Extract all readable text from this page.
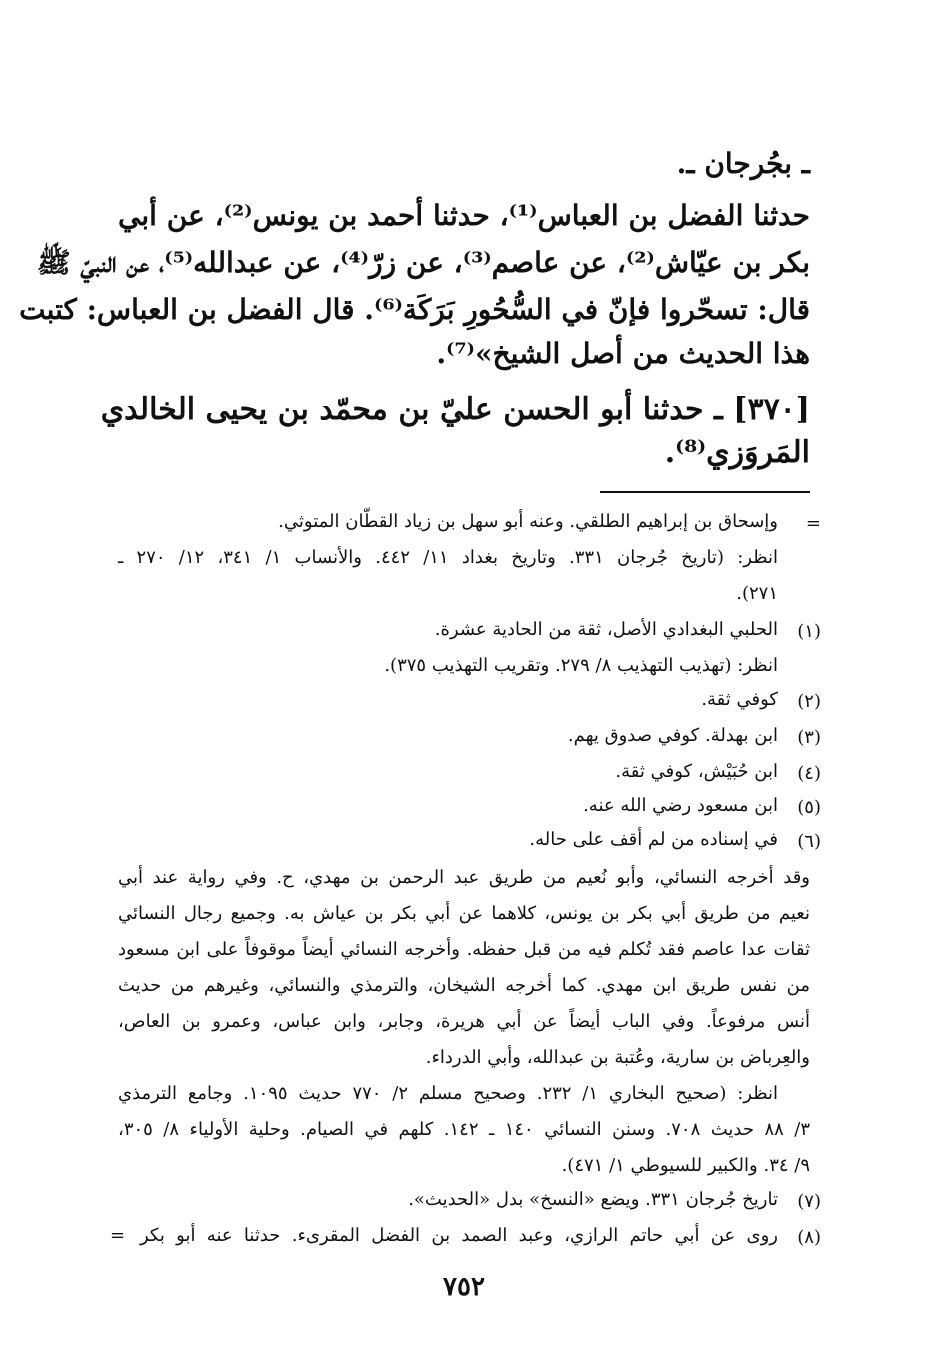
ـ بجُرجان ـ.
حدثنا الفضل بن العباس⁽¹⁾، حدثنا أحمد بن يونس⁽²⁾، عن أبي
بكر بن عيّاش⁽²⁾، عن عاصم⁽³⁾، عن زرّ⁽⁴⁾، عن عبدالله⁽⁵⁾، عن النبيّ ﷺ
قال: تسحّروا فإنّ في السُّحُورِ بَرَكَة⁽⁶⁾. قال الفضل بن العباس: كتبت
هذا الحديث من أصل الشيخ»⁽⁷⁾.
[٣٧٠] ـ حدثنا أبو الحسن عليّ بن محمّد بن يحيى الخالدي
المَروَزي⁽⁸⁾.
=
وإسحاق بن إبراهيم الطلقي. وعنه أبو سهل بن زياد القطّان المتوثي.
انظر: (تاريخ جُرجان ٣٣١. وتاريخ بغداد ١١/ ٤٤٢. والأنساب ١/ ٣٤١، ١٢/ ٢٧٠ ـ
٢٧١).
(١)
الحلبي البغدادي الأصل، ثقة من الحادية عشرة.
انظر: (تهذيب التهذيب ٨/ ٢٧٩. وتقريب التهذيب ٣٧٥).
(٢)
كوفي ثقة.
(٣)
ابن بهدلة. كوفي صدوق يهم.
(٤)
ابن حُبَيْش، كوفي ثقة.
(٥)
ابن مسعود رضي الله عنه.
(٦)
في إسناده من لم أقف على حاله.
وقد أخرجه النسائي، وأبو نُعيم من طريق عبد الرحمن بن مهدي، ح. وفي رواية عند أبي
نعيم من طريق أبي بكر بن يونس، كلاهما عن أبي بكر بن عياش به. وجميع رجال النسائي
ثقات عدا عاصم فقد تُكلم فيه من قبل حفظه. وأخرجه النسائي أيضاً موقوفاً على ابن مسعود
من نفس طريق ابن مهدي. كما أخرجه الشيخان، والترمذي والنسائي، وغيرهم من حديث
أنس مرفوعاً. وفي الباب أيضاً عن أبي هريرة، وجابر، وابن عباس، وعمرو بن العاص،
والعِرباض بن سارية، وعُتبة بن عبدالله، وأبي الدرداء.
انظر: (صحيح البخاري ١/ ٢٣٢. وصحيح مسلم ٢/ ٧٧٠ حديث ١٠٩٥. وجامع الترمذي
٣/ ٨٨ حديث ٧٠٨. وسنن النسائي ١٤٠ ـ ١٤٢. كلهم في الصيام. وحلية الأولياء ٨/ ٣٠٥،
٩/ ٣٤. والكبير للسيوطي ١/ ٤٧١).
(٧)
تاريخ جُرجان ٣٣١. ويضع «النسخ» بدل «الحديث».
(٨)
روى عن أبي حاتم الرازي، وعبد الصمد بن الفضل المقرىء. حدثنا عنه أبو بكر
=
٧٥٢
